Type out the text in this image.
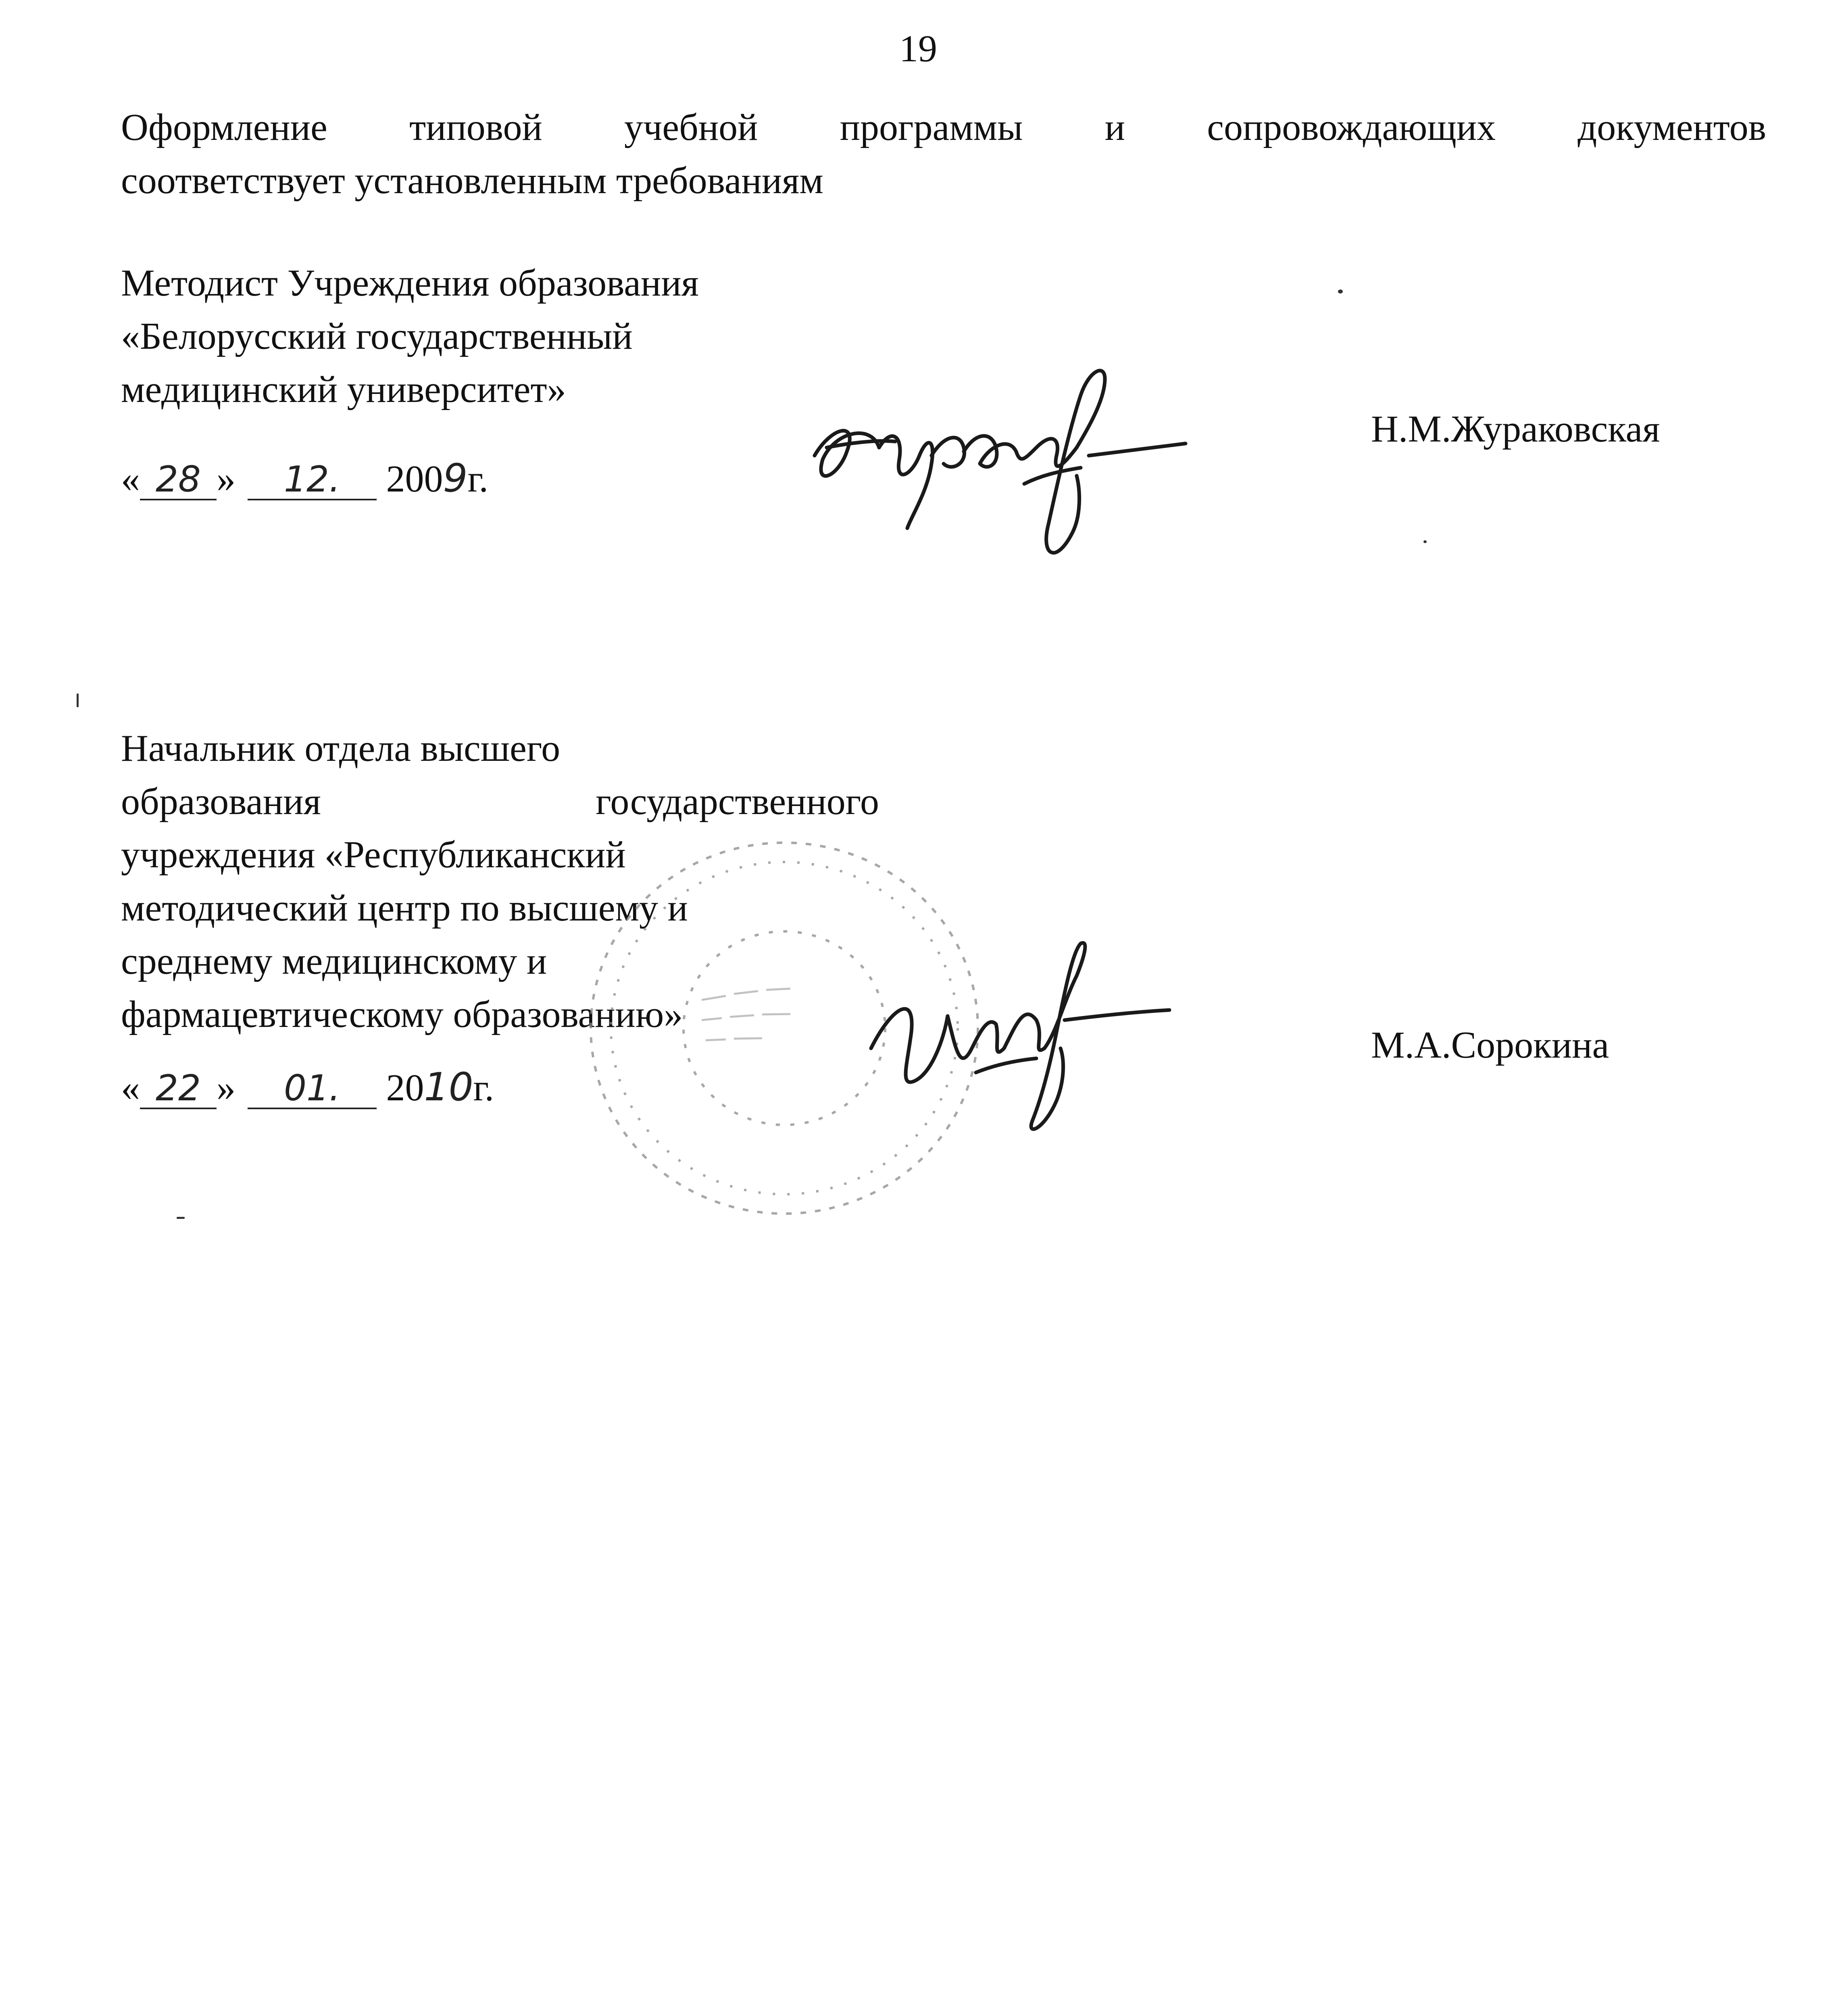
19
Оформление типовой учебной программы и сопровождающих документов
соответствует установленным требованиям
Методист Учреждения образования
«Белорусский государственный
медицинский университет»
« 28 » 12. 2009г.
Н.М.Жураковская
Начальник отдела высшего
образования государственного
учреждения «Республиканский
методический центр по высшему и
среднему медицинскому и
фармацевтическому образованию»
« 22 » 01. 2010г.
М.А.Сорокина
